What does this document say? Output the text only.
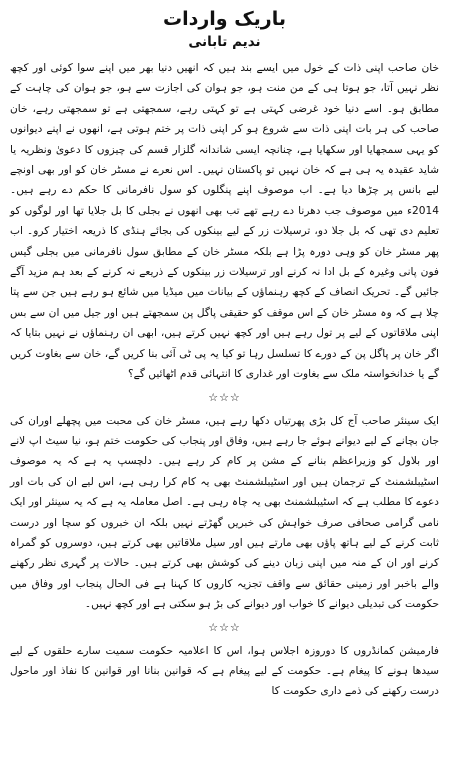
باریک واردات
ندیم تابانی

خان صاحب اپنی ذات کے خول میں ایسے بند ہیں کہ انھیں دنیا بھر میں اپنے سوا کوئی اور کچھ نظر نہیں آتا، جو ہوتا ہی کے من منت ہو، جو ہوان کی اجازت سے ہو، جو ہوان کی چاہت کے مطابق ہو۔ اسے دنیا خود غرضی کہتی ہے تو کہتی رہے، سمجھتی ہے تو سمجھتی رہے، خان صاحب کی ہر بات اپنی ذات سے شروع ہو کر اپنی ذات پر ختم ہوتی ہے، انھوں نے اپنے دیوانوں کو یہی سمجھایا اور سکھایا ہے، چنانچہ ایسی شاندانہ گلزار قسم کی چیزوں کا دعویٰ ونظریہ یا شاید عقیدہ یہ ہی ہے کہ خان نہیں تو پاکستان نہیں۔ اس نعرے نے مسٹر خان کو اور بھی اونچے لیے بانس پر چڑھا دیا ہے۔ اب موصوف اپنے پنگلوں کو سول نافرمانی کا حکم دے رہے ہیں۔ 2014ء میں موصوف جب دھرنا دے رہے تھے تب بھی انھوں نے بجلی کا بل جلایا تھا اور لوگوں کو تعلیم دی تھی کہ بل جلا دو، ترسیلات زر کے لیے بینکوں کی بجائے ہنڈی کا ذریعہ اختیار کرو۔ اب پھر مسٹر خان کو وہی دورہ پڑا ہے بلکہ مسٹر خان کے مطابق سول نافرمانی میں بجلی گیس فون پانی وغیرہ کے بل ادا نہ کرنے اور ترسیلات زر بینکوں کے ذریعے نہ کرنے کے بعد ہم مزید آگے جائیں گے۔ تحریک انصاف کے کچھ رہنماؤں کے بیانات میں میڈیا میں شائع ہو رہے ہیں جن سے پتا چلا ہے کہ وہ مسٹر خان کے اس موقف کو حقیقی پاگل پن سمجھتے ہیں اور جیل میں ان سے بس اپنی ملاقاتوں کے لیے پر تول رہے ہیں اور کچھ نہیں کرتے ہیں، ابھی ان رہنماؤں نے نہیں بتایا کہ اگر خان پر پاگل پن کے دورے کا تسلسل رہا تو کیا یہ پی ٹی آئی بنا کریں گے، خان سے بغاوت کریں گے یا خدانخواستہ ملک سے بغاوت اور غداری کا انتہائی قدم اٹھائیں گے؟

☆☆☆

ایک سینئر صاحب آج کل بڑی پھرتیاں دکھا رہے ہیں، مسٹر خان کی محبت میں پچھلے اوران کی جان بچانے کے لیے دیوانے ہوئے جا رہے ہیں، وفاق اور پنجاب کی حکومت ختم ہو، نیا سیٹ اپ لانے اور بلاول کو وزیراعظم بنانے کے مشن پر کام کر رہے ہیں۔ دلچسپ یہ ہے کہ یہ موصوف اسٹیبلشمنٹ کے ترجمان ہیں اور اسٹیبلشمنٹ بھی یہ کام کرا رہی ہے، اس لیے ان کی بات اور دعوے کا مطلب ہے کہ اسٹیبلشمنٹ بھی یہ چاہ رہی ہے۔ اصل معاملہ یہ ہے کہ یہ سینئر اور ایک نامی گرامی صحافی صرف خواہش کی خبریں گھڑتے نہیں بلکہ ان خبروں کو سچا اور درست ثابت کرنے کے لیے ہاتھ پاؤں بھی مارتے ہیں اور سیل ملاقاتیں بھی کرتے ہیں، دوسروں کو گمراہ کرنے اور ان کے منہ میں اپنی زبان دینے کی کوشش بھی کرتے ہیں۔ حالات پر گہری نظر رکھنے والے باخبر اور زمینی حقائق سے واقف تجزیہ کاروں کا کہنا ہے فی الحال پنجاب اور وفاق میں حکومت کی تبدیلی دیوانے کا خواب اور دیوانے کی بڑ ہو سکتی ہے اور کچھ نہیں۔

☆☆☆

فارمیشن کمانڈروں کا دوروزہ اجلاس ہوا، اس کا اعلامیہ حکومت سمیت سارے حلقوں کے لیے سیدھا ہونے کا پیغام ہے۔ حکومت کے لیے پیغام ہے کہ قوانین بنانا اور قوانین کا نفاذ اور ماحول درست رکھنے کی ذمے داری حکومت کا
